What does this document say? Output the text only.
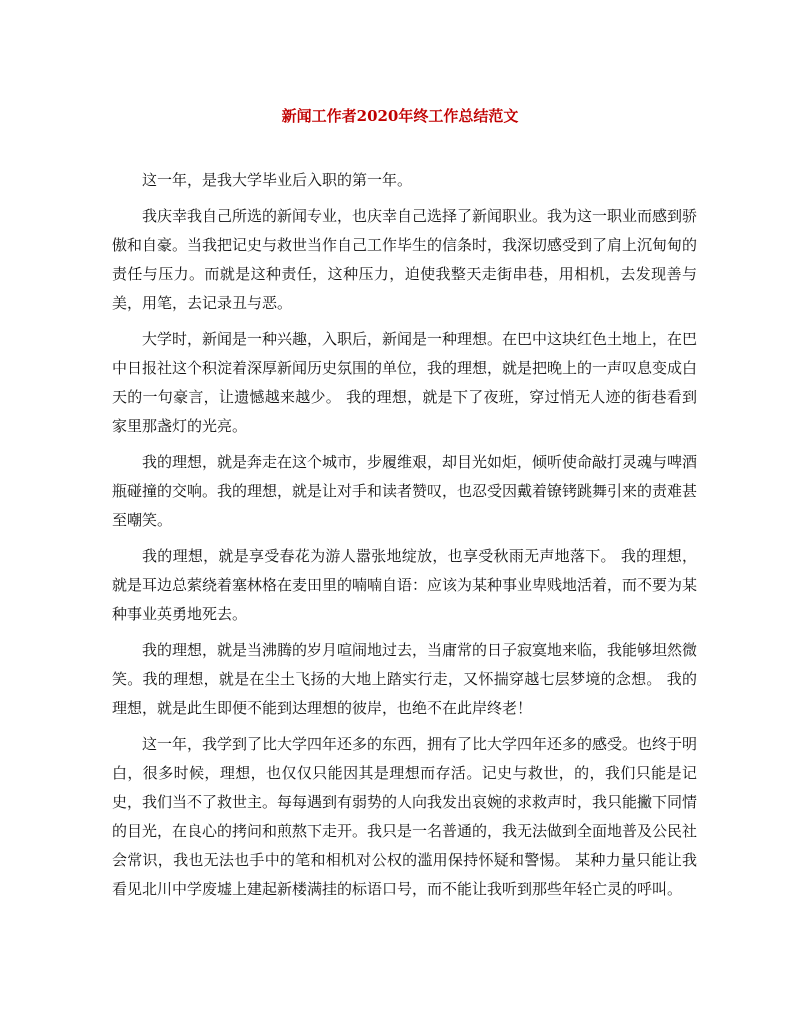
新闻工作者2020年终工作总结范文

这一年，是我大学毕业后入职的第一年。

我庆幸我自己所选的新闻专业，也庆幸自己选择了新闻职业。我为这一职业而感到骄傲和自豪。当我把记史与救世当作自己工作毕生的信条时，我深切感受到了肩上沉甸甸的责任与压力。而就是这种责任，这种压力，迫使我整天走街串巷，用相机，去发现善与美，用笔，去记录丑与恶。

大学时，新闻是一种兴趣，入职后，新闻是一种理想。在巴中这块红色土地上，在巴中日报社这个积淀着深厚新闻历史氛围的单位，我的理想，就是把晚上的一声叹息变成白天的一句豪言，让遗憾越来越少。 我的理想，就是下了夜班，穿过悄无人迹的街巷看到家里那盏灯的光亮。

我的理想，就是奔走在这个城市，步履维艰，却目光如炬，倾听使命敲打灵魂与啤酒瓶碰撞的交响。我的理想，就是让对手和读者赞叹，也忍受因戴着镣铐跳舞引来的责难甚至嘲笑。

我的理想，就是享受春花为游人嚣张地绽放，也享受秋雨无声地落下。 我的理想，就是耳边总萦绕着塞林格在麦田里的喃喃自语：应该为某种事业卑贱地活着，而不要为某种事业英勇地死去。

我的理想，就是当沸腾的岁月喧闹地过去，当庸常的日子寂寞地来临，我能够坦然微笑。我的理想，就是在尘土飞扬的大地上踏实行走，又怀揣穿越七层梦境的念想。 我的理想，就是此生即便不能到达理想的彼岸，也绝不在此岸终老！

这一年，我学到了比大学四年还多的东西，拥有了比大学四年还多的感受。也终于明白，很多时候，理想，也仅仅只能因其是理想而存活。记史与救世，的，我们只能是记史，我们当不了救世主。每每遇到有弱势的人向我发出哀婉的求救声时，我只能撇下同情的目光，在良心的拷问和煎熬下走开。我只是一名普通的，我无法做到全面地普及公民社会常识，我也无法也手中的笔和相机对公权的滥用保持怀疑和警惕。 某种力量只能让我看见北川中学废墟上建起新楼满挂的标语口号，而不能让我听到那些年轻亡灵的呼叫。
